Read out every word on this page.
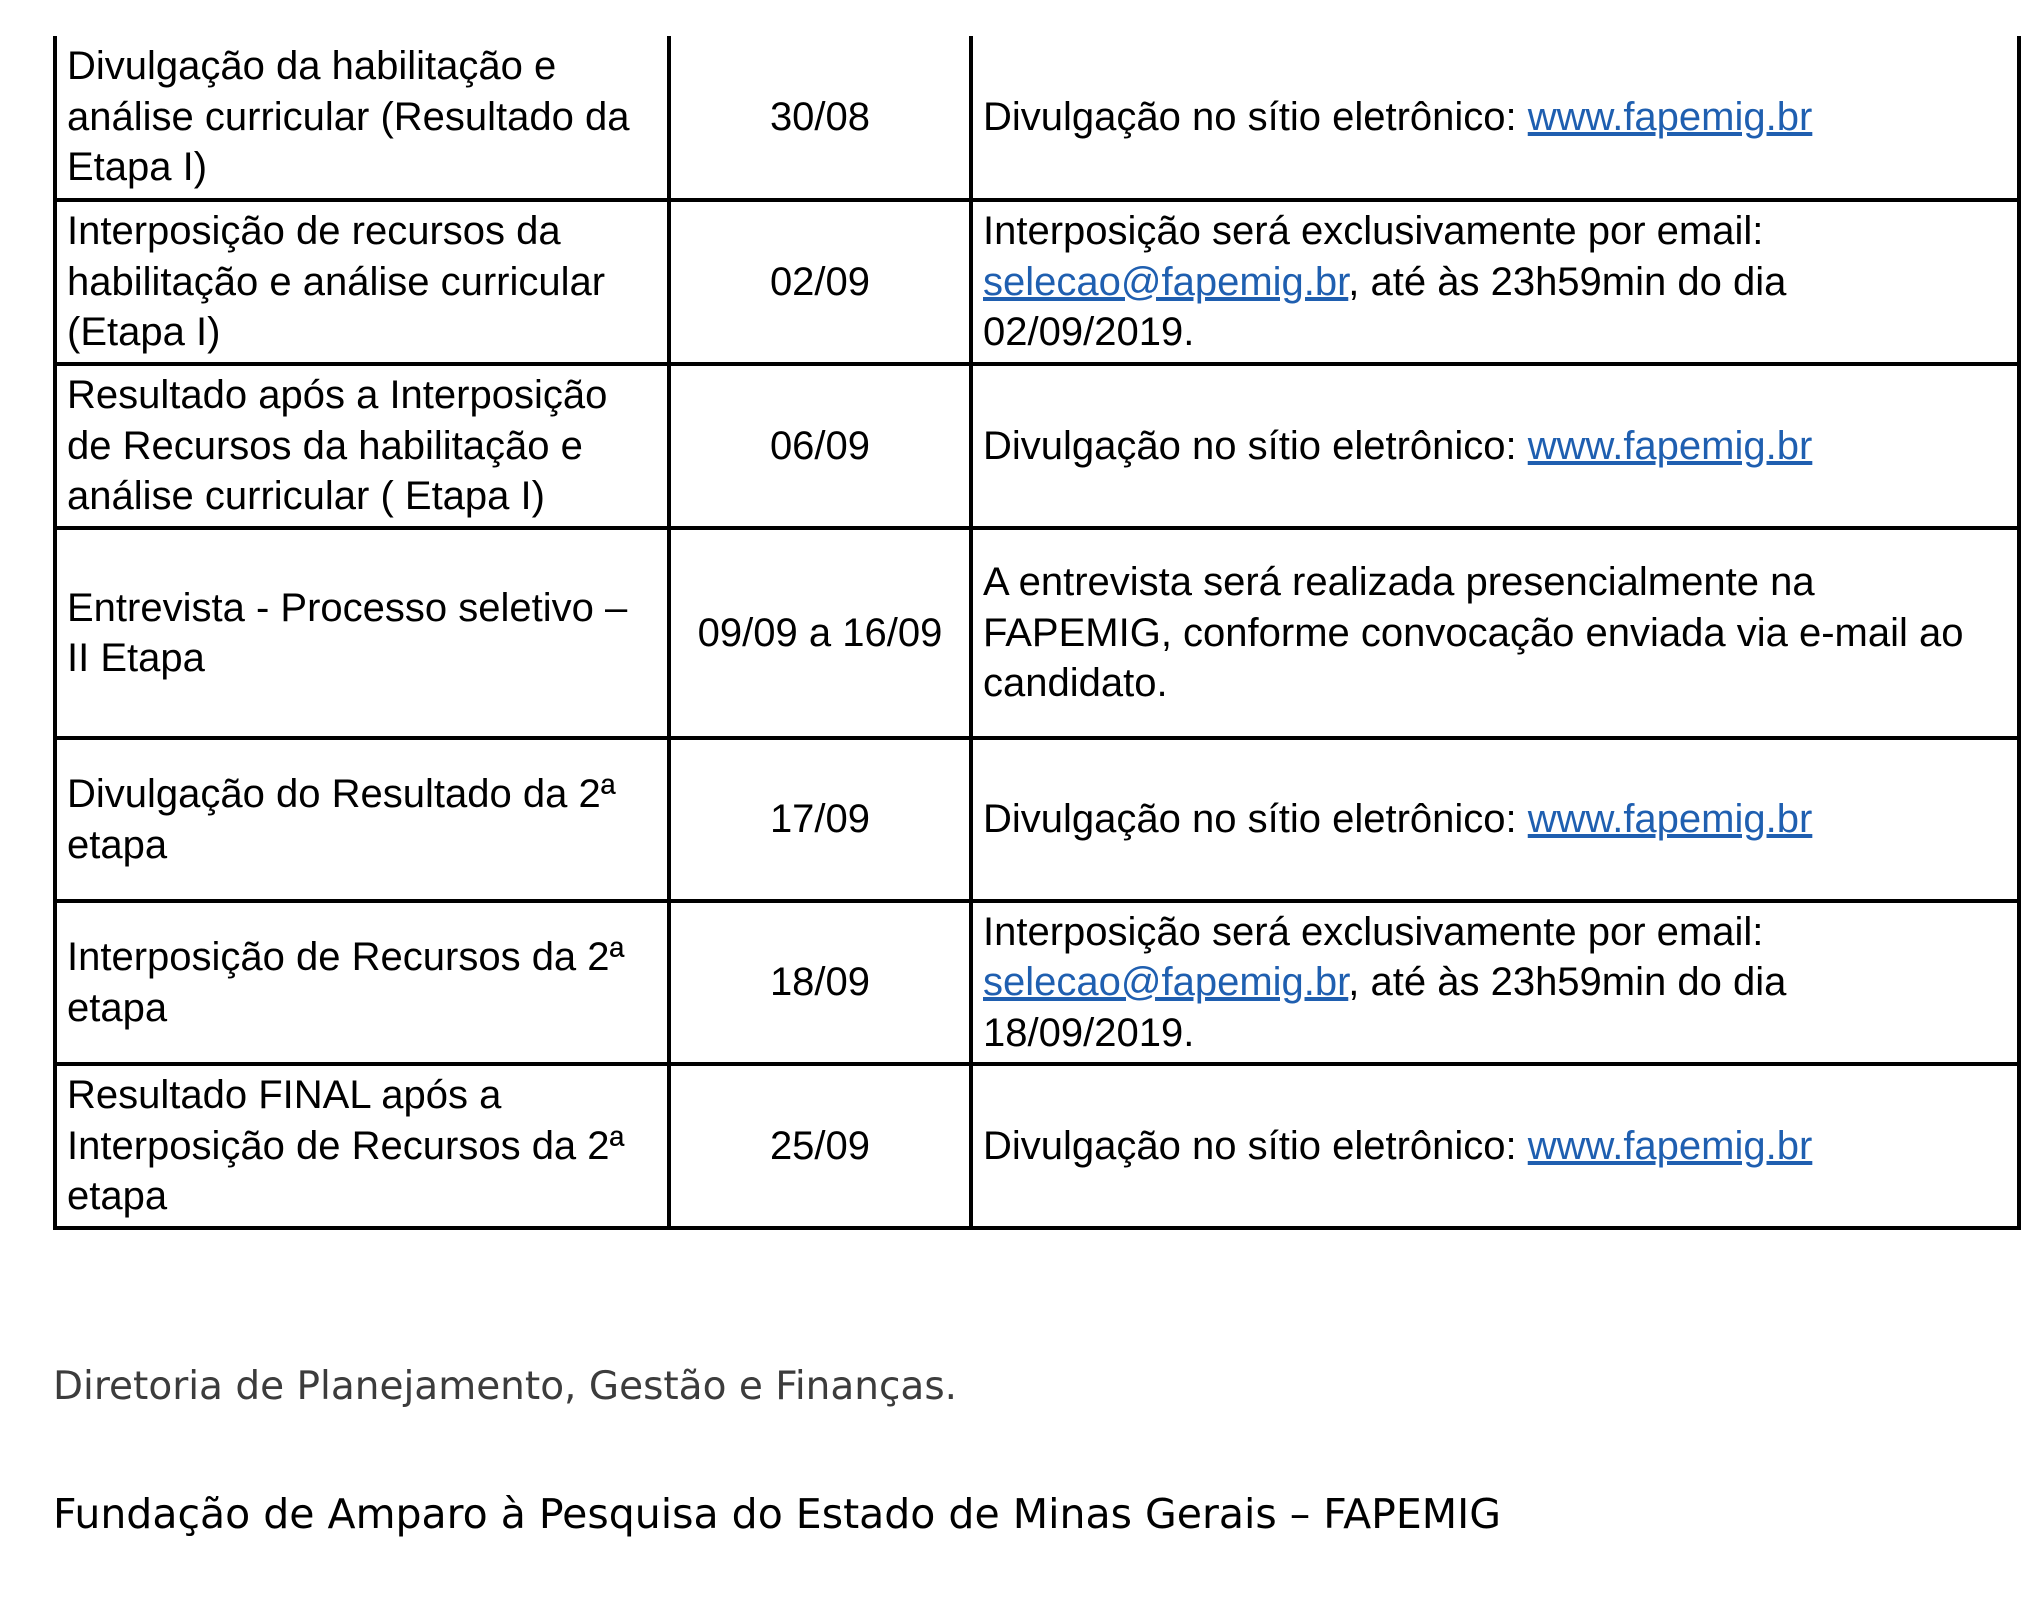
Divulgação da habilitação e análise curricular (Resultado da Etapa I)	30/08	Divulgação no sítio eletrônico: www.fapemig.br

Interposição de recursos da habilitação e análise curricular (Etapa I)	02/09	Interposição será exclusivamente por email: selecao@fapemig.br, até às 23h59min do dia 02/09/2019.

Resultado após a Interposição de Recursos da habilitação e análise curricular ( Etapa I)	06/09	Divulgação no sítio eletrônico: www.fapemig.br

Entrevista - Processo seletivo – II Etapa	09/09 a 16/09	A entrevista será realizada presencialmente na FAPEMIG, conforme convocação enviada via e-mail ao candidato.
Divulgação do Resultado da 2ª etapa	17/09	Divulgação no sítio eletrônico: www.fapemig.br

Interposição de Recursos da 2ª etapa	18/09	Interposição será exclusivamente por email: selecao@fapemig.br, até às 23h59min do dia 18/09/2019.

Resultado FINAL após a Interposição de Recursos da 2ª etapa	25/09	Divulgação no sítio eletrônico: www.fapemig.br
Diretoria de Planejamento, Gestão e Finanças.
Fundação de Amparo à Pesquisa do Estado de Minas Gerais – FAPEMIG
